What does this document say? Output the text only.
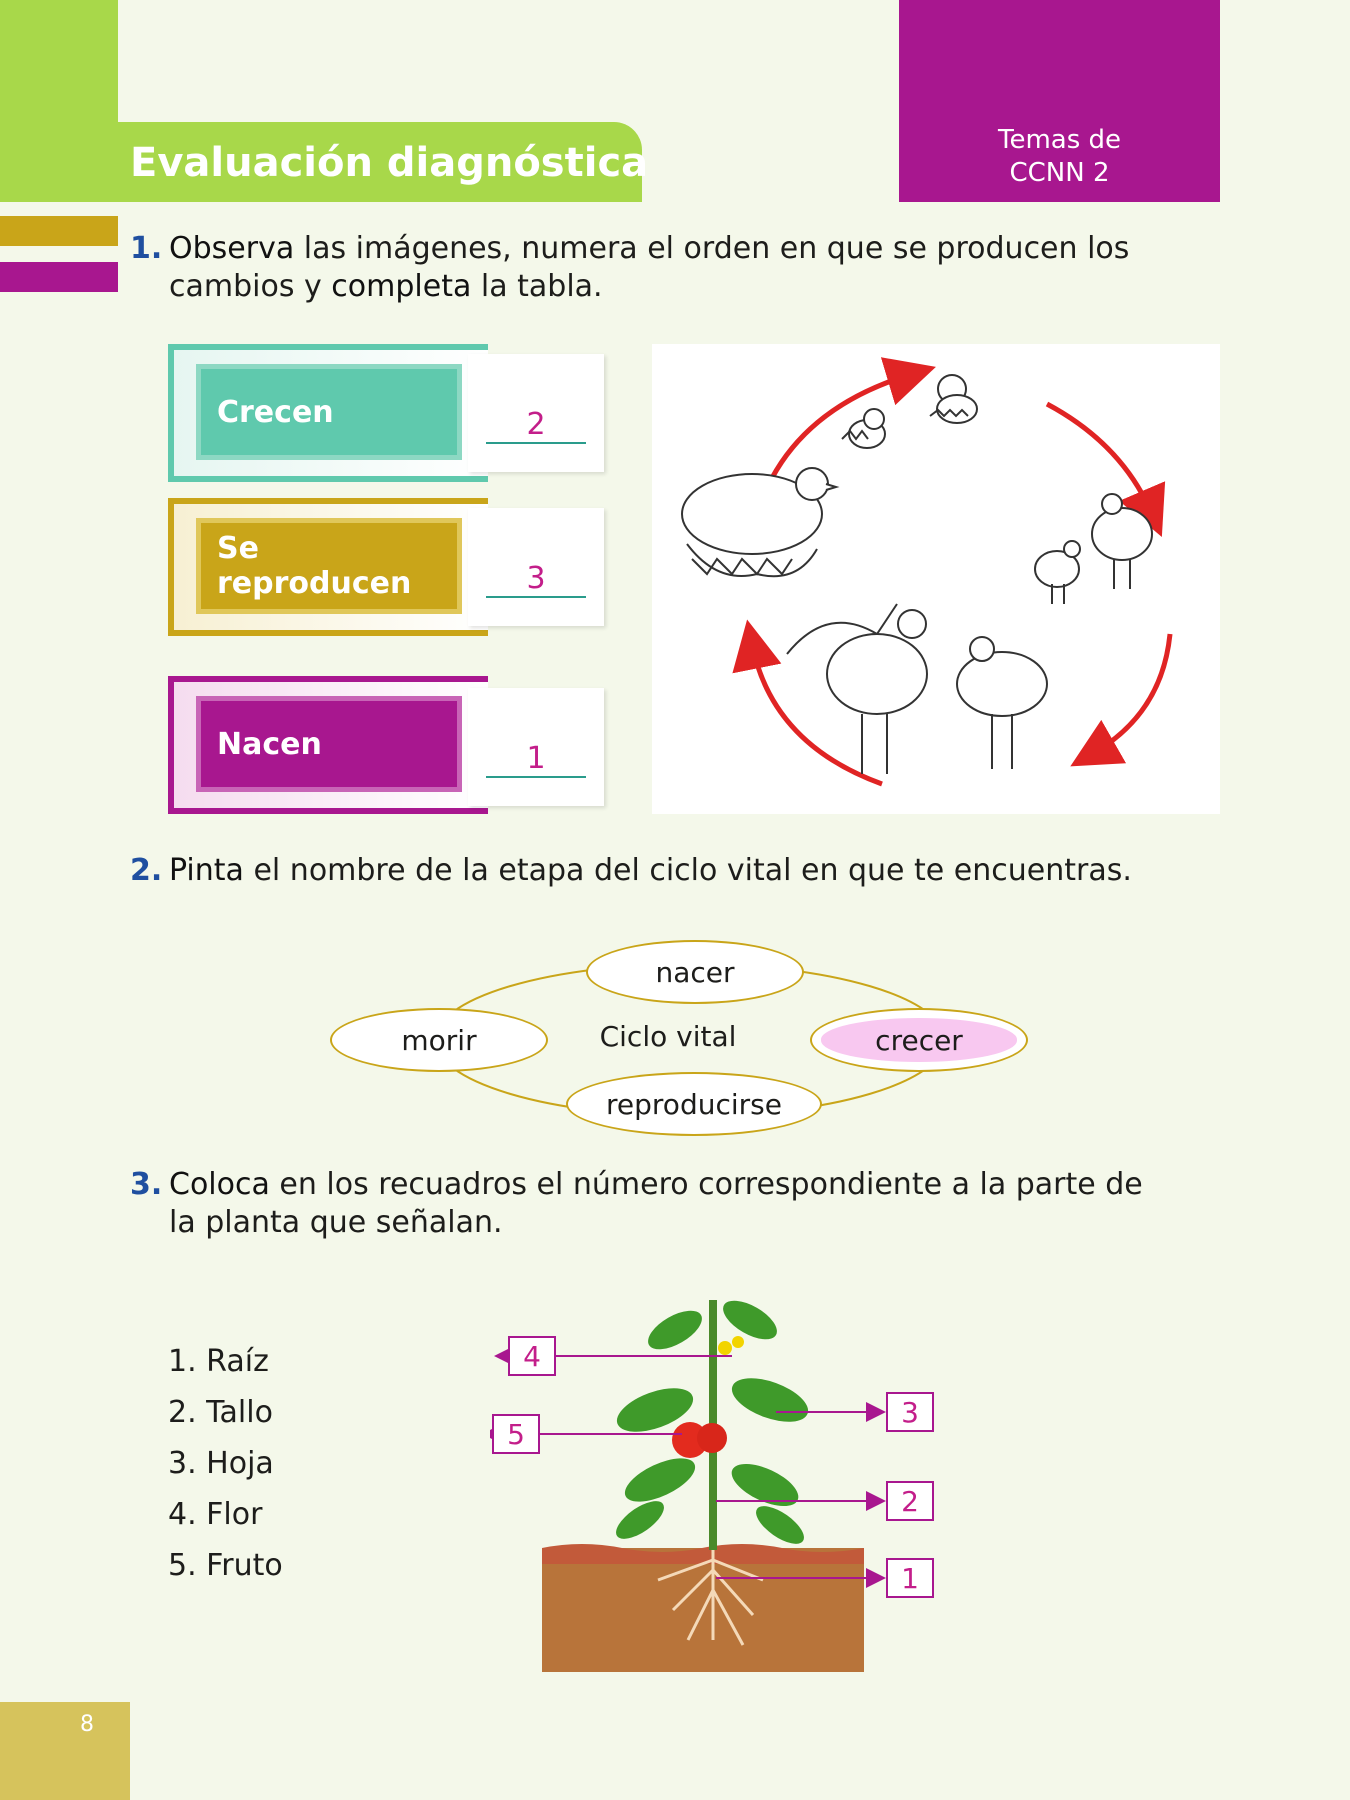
Evaluación diagnóstica	Temas de
CCNN 2
1. Observa las imágenes, numera el orden en que se producen los
cambios y completa la tabla.
Crecen	2
Se reproducen	3
Nacen	1
2. Pinta el nombre de la etapa del ciclo vital en que te encuentras.
Ciclo vital
nacer
morir	crecer
reproducirse
3. Coloca en los recuadros el número correspondiente a la parte de
la planta que señalan.
1. Raíz
2. Tallo
3. Hoja
4. Flor
5. Fruto
4
5
3
2
1
8
